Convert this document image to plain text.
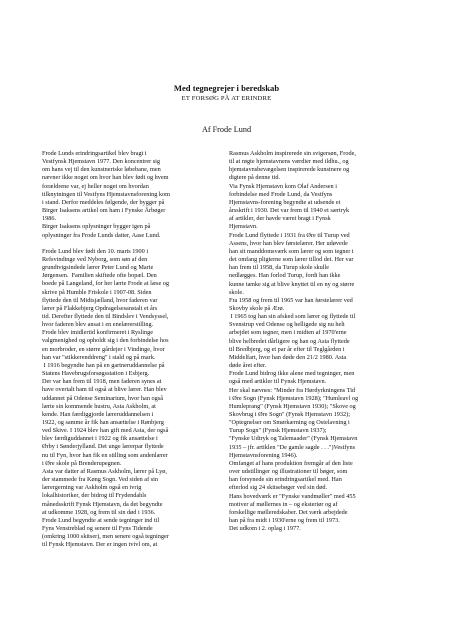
Med tegnegrejer i beredskab
ET FORSØG PÅ AT ERINDRE
Af Frode Lund

Frode Lunds erindringsartikel blev bragt i

Vestfynsk Hjemstavn 1977. Den koncentrer sig

om hans vej til den kunstneriske løbebane, men

nævner ikke noget om hvor han blev født og hvem

forældrene var, ej heller noget om hvordan

tilknytningen til Vestfyns Hjemstavnsforening kom

i stand. Derfor meddeles følgende, der bygger på

Birger Isaksens artikel om ham i Fynske Årbøger

1986.

Birger Isaksens oplysninger bygger igen på

oplysninger fra Frode Lunds datter, Aase Lund.

Frode Lund blev født den 10. marts 1900 i

Refsvindinge ved Nyborg, som søn af den

grundtvigsindede lærer Peter Lund og Marie

Jørgensen.  Familien skiftede ofte bopæl. Den

boede på Langeland, for her lærte Frode at læse og

skrive på Humble Friskole i 1907-08. Siden

flyttede den til Midtsjælland, hvor faderen var

lærer på Flakkebjerg Opdragelsesanstalt et års

tid. Derefter flyttede den til Bindslev i Vendsyssel,

hvor faderen blev ansat i en enelærerstilling.

Frode blev imidlertid konfirmeret i Ryslinge

valgmenighed og opholdt sig i den forbindelse hos

en morbroder, en større gårdejer i Vindinge, hvor

han var "stikkerenddreng" i stald og på mark.

I 1916 begyndte han på en gartneruddannelse på

Statens Havebrugsforsøgsstation i Esbjerg.

Der var han frem til 1918, men faderen synes at

have overtalt ham til også at blive lærer. Han blev

uddannet på Odense Seminarium, hvor han også

lærte sin kommende hustru, Asta Askholm, at

kende. Han færdiggjorde læreruddannelsen i

1922, og samme år fik han ansættelse i Rønbjerg

ved Skive. I 1924 blev han gift med Asta, der også

blev færdiguddannet i 1922 og fik ansættelse i

Ørby i Sønderjylland. Det unge lærerpar flyttede

nu til Fyn, hvor han fik en stilling som andenlærer

i Øre skole på Brenderupegnen.

Asta var datter af Rasmus Askholm, lærer på Lyø,

der stammede fra Køng Sogn. Ved siden af sin

lærergerning var Askholm også en ivrig

lokalhistoriker, der bidrog til Frydendahls

månedsskrift Fynsk Hjemstavn, da det begyndte

at udkomme 1928, og frem til sin død i 1936.

Frode Lund begyndte at sende tegninger ind til

Fyns Venstreblad og senere til Fyns Tidende

(omkring 1000 skitser), men senere også tegninger

til Fynsk Hjemstavn. Der er ingen tvivl om, at

Rasmus Askholm inspirerede sin svigersøn, Frode,

til at røgte hjemstavnens værdier med ildhu., og

hjemstavnsbevægelsen inspirerede kunstnere og

digtere på denne tid.

Via Fynsk Hjemstavn kom Olaf Andersen i

forbindelse med Frode Lund, da Vestfyns

Hjemstavns-forening begyndte at udsende et

årsskrift i 1930. Det var frem til 1940 et særtryk

af artikler, der havde været bragt i Fynsk

Hjemstavn.

Frode Lund flyttede i 1931 fra Øre til Turup ved

Assens, hvor han blev førstelærer. Her udøvede

han sit manddomsværk som lærer og som tegner i

det omfang pligterne som lærer tillod det. Her var

han frem til 1958, da Turup skole skulle

nedlægges. Han forlod Turup, fordi han ikke

kunne tænke sig at blive knyttet til en ny og større

skole.

Fra 1958 og frem til 1965 var han førstelærer ved

Skovby skole på Ærø.

I 1965 tog han sin afsked som lærer og flyttede til

Svenstrup ved Odense og helligede sig nu helt

arbejdet som tegner, men i midten af 1970'erne

blive helbredet dårligere og han og Asta flyttede

til Bredbjerg, og et par år efter til Teglgården i

Middelfart, hvor han døde den 21/2 1980. Asta

døde året efter.

Frode Lund bidrog ikke alene med tegninger, men

også med artikler til Fynsk Hjemstavn.

Her skal nævnes: "Minder fra Hørdyrkningens Tid

i Øre Sogn (Fynsk Hjemstavn 1928); "Humleavl og

Humleprang" (Fynsk Hjemstavn 1930); "Skove og

Skovbrug i Øre Sogn" (Fynsk Hjemstavn 1932);

"Optegnelser om Smørkærning og Ostelavning i

Turup Sogn" (Fynsk Hjemstavn 1937);

"Fynske Udtryk og Talemaader" (Fynsk Hjemstavn

1935 – jfr. artiklen "De gamle sagde . . .")Vestfyns

Hjemstavnsforening 1946).

Omfanget af hans produktion fremgår af den liste

over udstillinger og illustrationer til bøger, som

han forsynede sin erindringsartikel med. Han

efterlod sig 24 skitsebøger ved sin død.

Hans hovedværk er "Fynske vandmøller" med 455

motiver af møllernes in – og eksteriør og af

forskellige mølleredskaber. Det værk arbejdede

han på fra midt i 1930'erne og frem til 1973.

Det udkom i 2. oplag i 1977.
